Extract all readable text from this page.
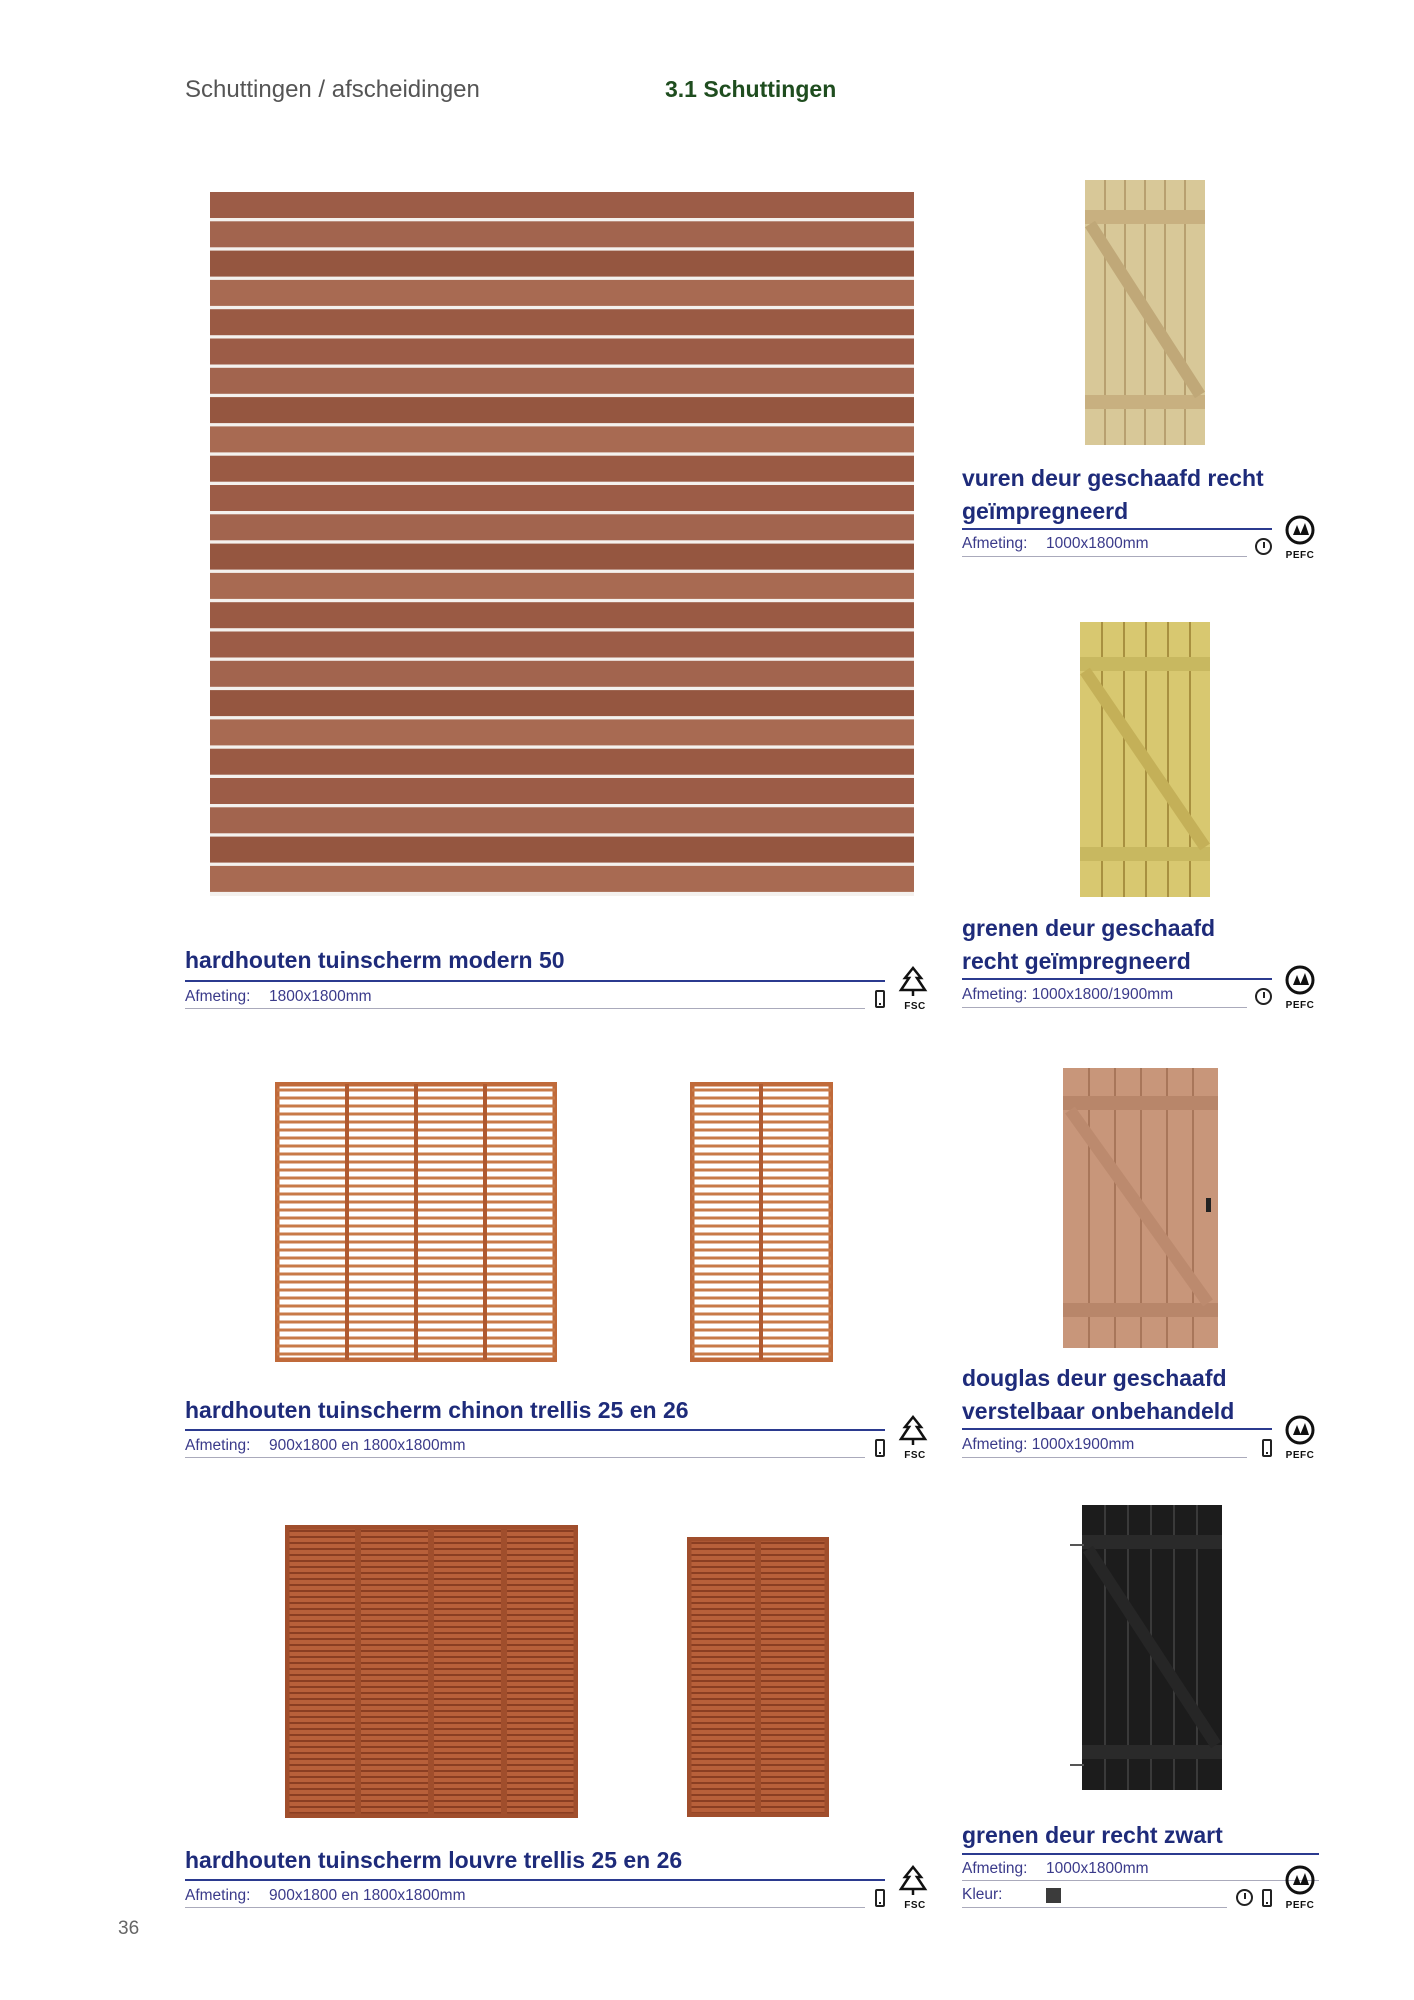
Schuttingen / afscheidingen	3.1 Schuttingen
hardhouten tuinscherm modern 50
Afmeting: 1800x1800mm
FSC
vuren deur geschaafd recht
geïmpregneerd
Afmeting: 1000x1800mm
PEFC
grenen deur geschaafd
recht geïmpregneerd
Afmeting: 1000x1800/1900mm
PEFC
hardhouten tuinscherm chinon trellis 25 en 26
Afmeting: 900x1800 en 1800x1800mm
FSC
douglas deur geschaafd
verstelbaar onbehandeld
Afmeting: 1000x1900mm
PEFC
hardhouten tuinscherm louvre trellis 25 en 26
Afmeting: 900x1800 en 1800x1800mm
FSC
grenen deur recht zwart
Afmeting: 1000x1800mm
Kleur:
PEFC
36
